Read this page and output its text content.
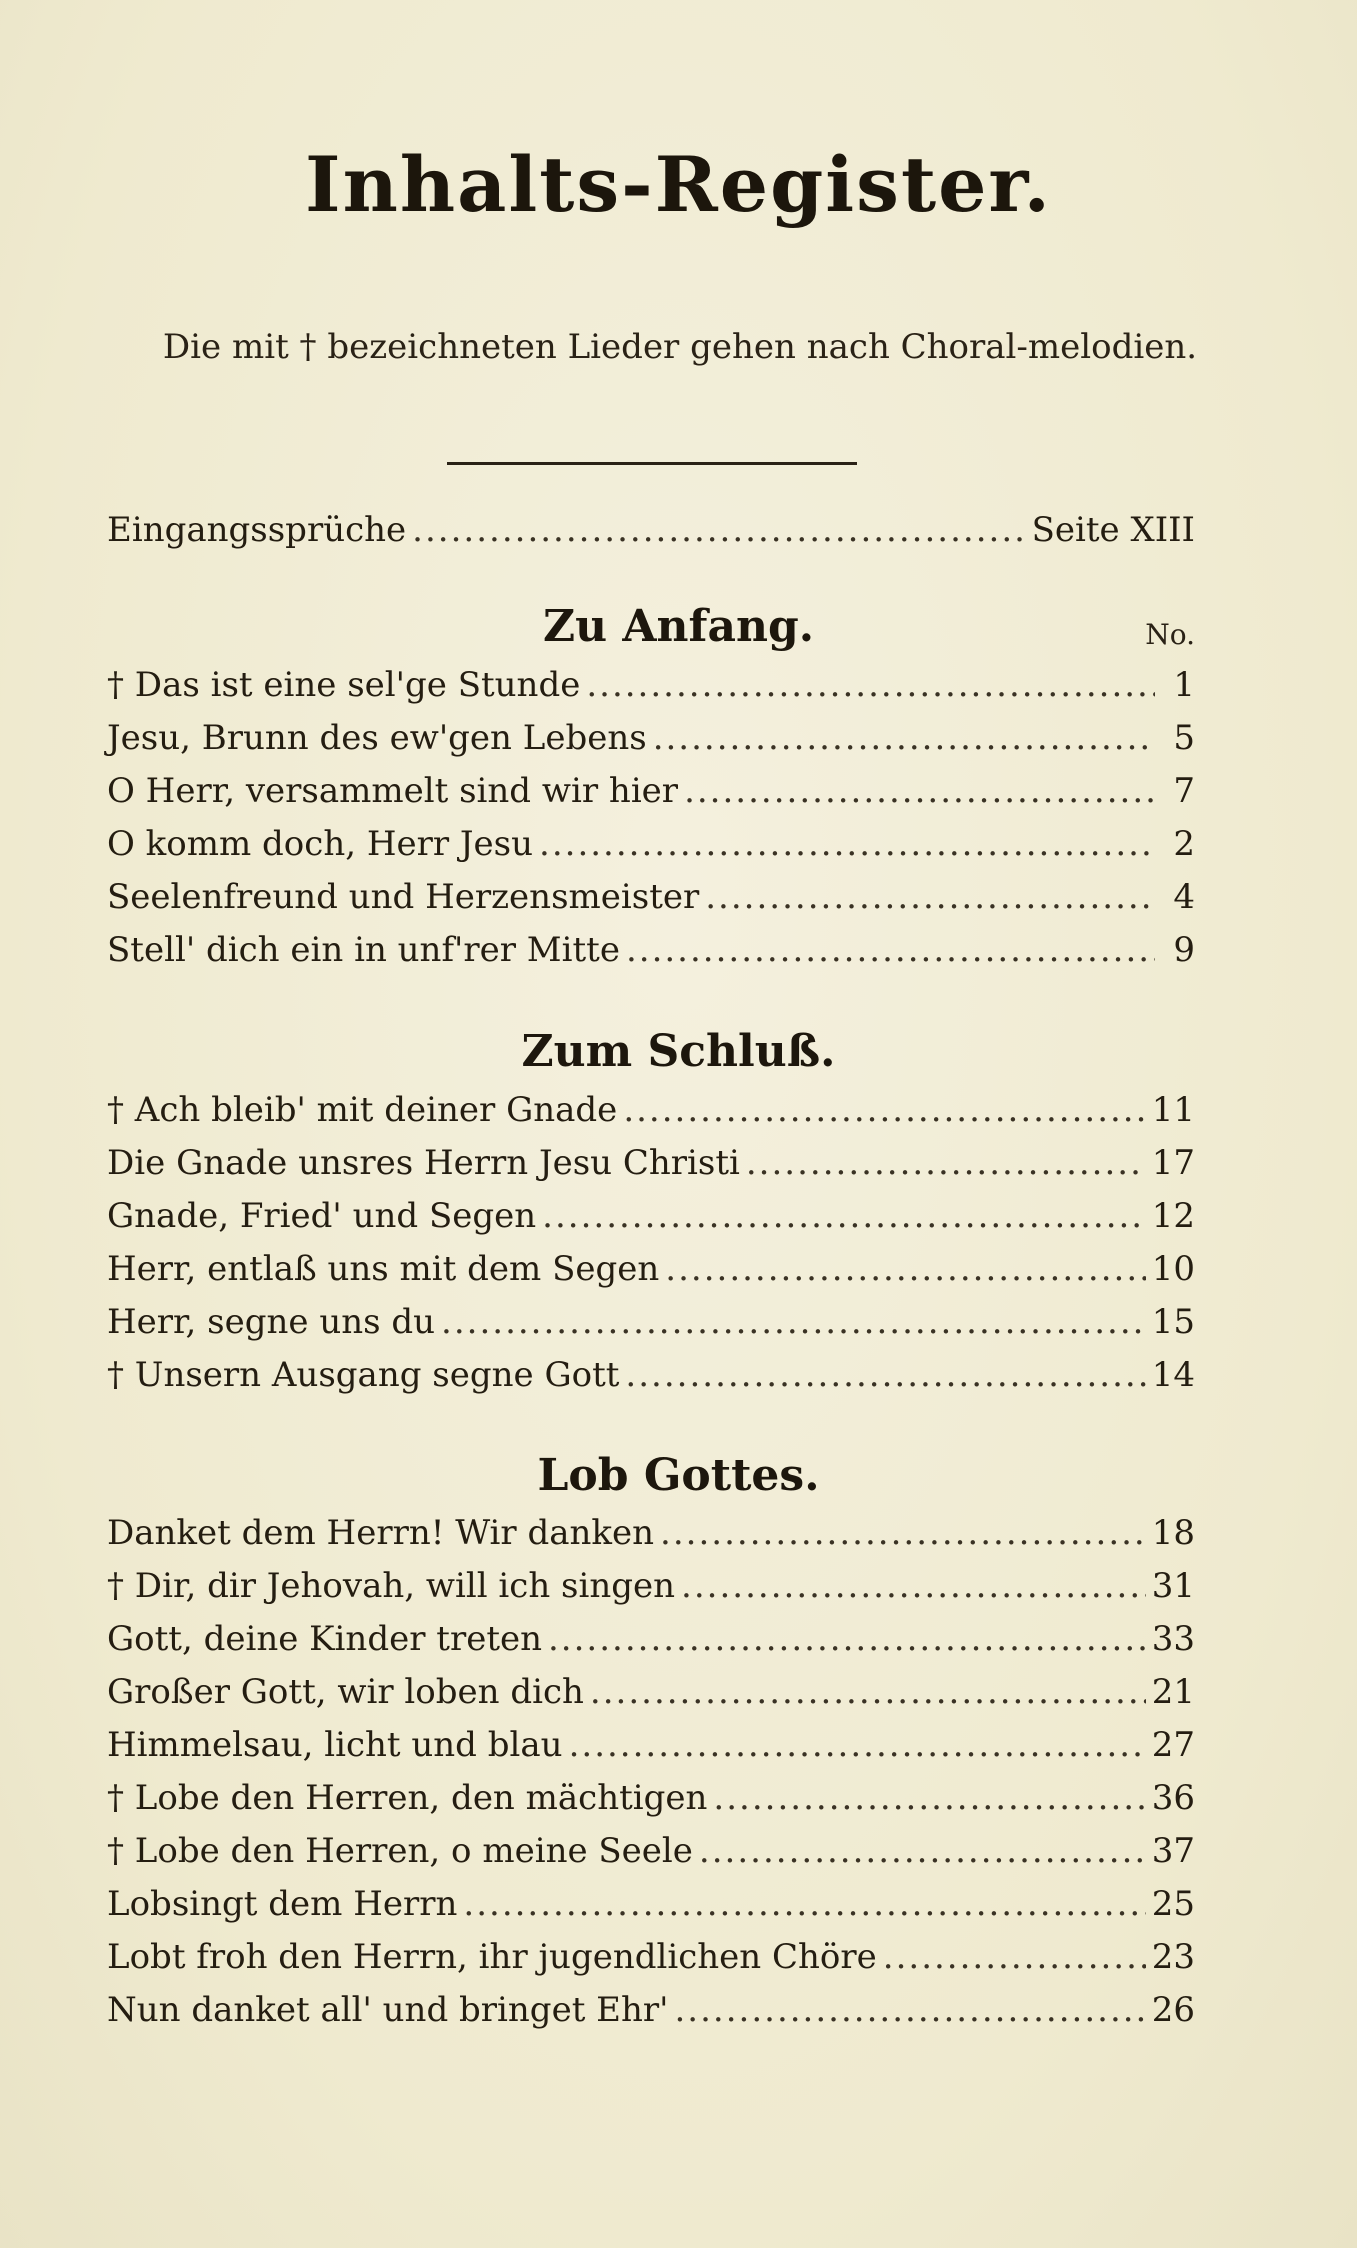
Inhalts-Register.
Die mit † bezeichneten Lieder gehen nach Choral-melodien.
Eingangssprüche .....	Seite XIII
Zu Anfang.	No.
† Das ist eine sel'ge Stunde .....	1
Jesu, Brunn des ew'gen Lebens .....	5
O Herr, versammelt sind wir hier .....	7
O komm doch, Herr Jesu .....	2
Seelenfreund und Herzensmeister .....	4
Stell' dich ein in unf'rer Mitte .....	9
Zum Schluß.
† Ach bleib' mit deiner Gnade .....	11
Die Gnade unsres Herrn Jesu Christi .....	17
Gnade, Fried' und Segen .....	12
Herr, entlaß uns mit dem Segen .....	10
Herr, segne uns du .....	15
† Unsern Ausgang segne Gott .....	14
Lob Gottes.
Danket dem Herrn! Wir danken .....	18
† Dir, dir Jehovah, will ich singen .....	31
Gott, deine Kinder treten .....	33
Großer Gott, wir loben dich .....	21
Himmelsau, licht und blau .....	27
† Lobe den Herren, den mächtigen .....	36
† Lobe den Herren, o meine Seele .....	37
Lobsingt dem Herrn .....	25
Lobt froh den Herrn, ihr jugendlichen Chöre .....	23
Nun danket all' und bringet Ehr' .....	26
